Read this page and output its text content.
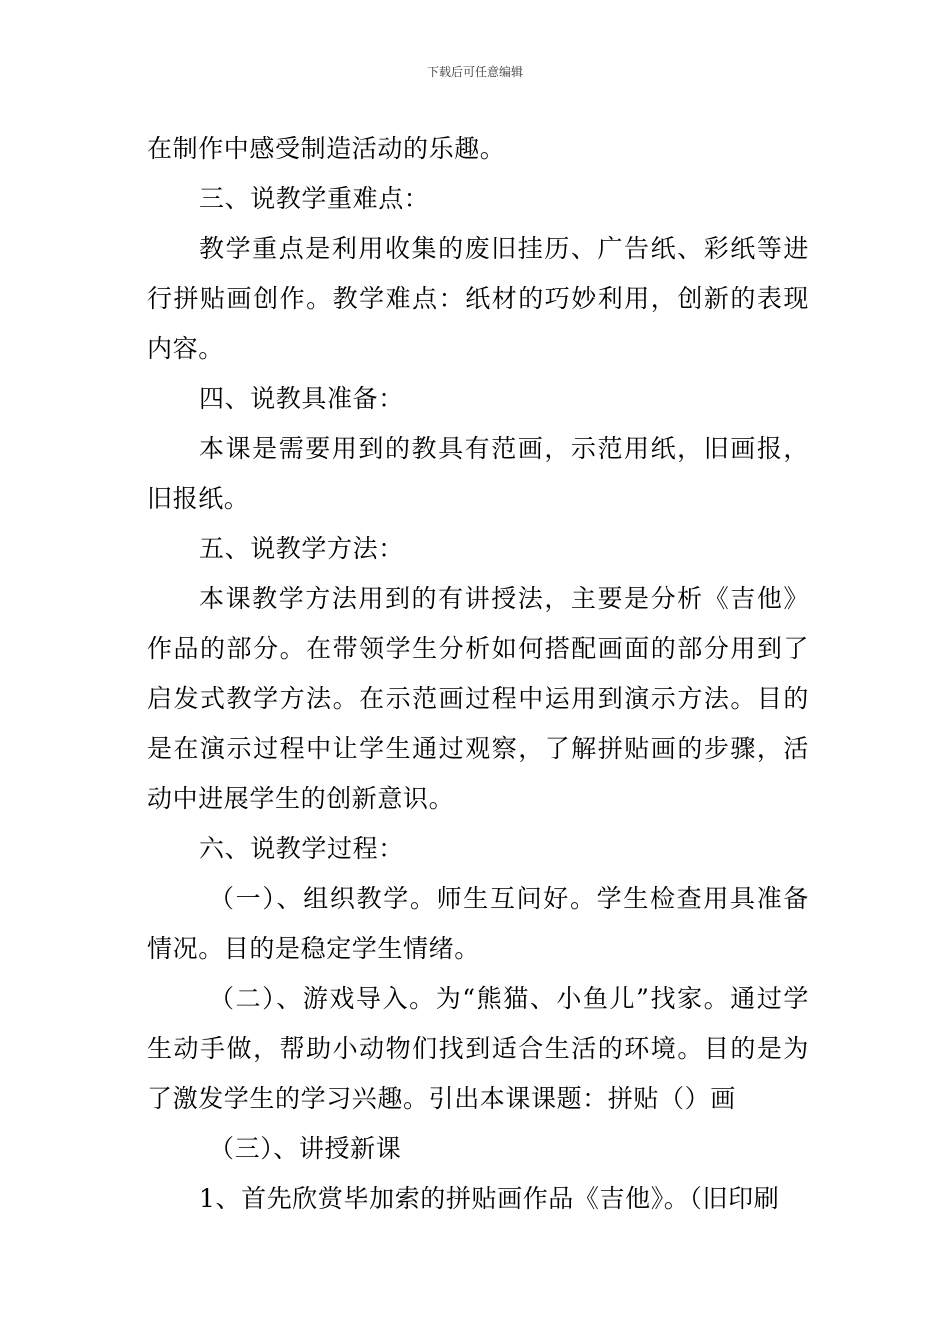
下载后可任意编辑

在制作中感受制造活动的乐趣。

三、说教学重难点：

教学重点是利用收集的废旧挂历、广告纸、彩纸等进行拼贴画创作。教学难点：纸材的巧妙利用，创新的表现内容。

四、说教具准备：

本课是需要用到的教具有范画，示范用纸，旧画报，旧报纸。

五、说教学方法：

本课教学方法用到的有讲授法，主要是分析《吉他》作品的部分。在带领学生分析如何搭配画面的部分用到了启发式教学方法。在示范画过程中运用到演示方法。目的是在演示过程中让学生通过观察，了解拼贴画的步骤，活动中进展学生的创新意识。

六、说教学过程：

（一）、组织教学。师生互问好。学生检查用具准备情况。目的是稳定学生情绪。

（二）、游戏导入。为“熊猫、小鱼儿”找家。通过学生动手做，帮助小动物们找到适合生活的环境。目的是为了激发学生的学习兴趣。引出本课课题：拼贴（）画

（三）、讲授新课

1、首先欣赏毕加索的拼贴画作品《吉他》。（旧印刷
